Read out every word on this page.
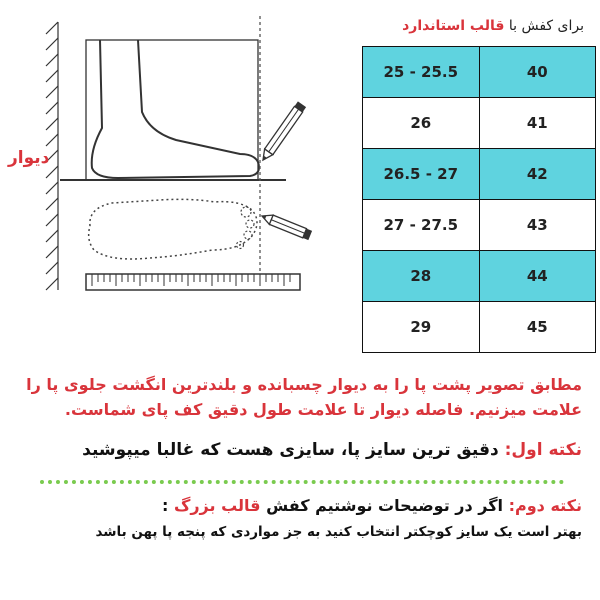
دیوار
برای کفش با قالب استاندارد
25 - 25.5	40
26	41
26.5 - 27	42
27 - 27.5	43
28	44
29	45
مطابق تصویر پشت پا را به دیوار چسبانده و بلندترین انگشت جلوی پا را
علامت میزنیم. فاصله دیوار تا علامت طول دقیق کف پای شماست.
نکته اول: دقیق ترین سایز پا، سایزی هست که غالبا میپوشید
نکته دوم: اگر در توضیحات نوشتیم کفش قالب بزرگ :
بهتر است یک سایز کوچکتر انتخاب کنید به جز مواردی که پنجه پا پهن باشد
